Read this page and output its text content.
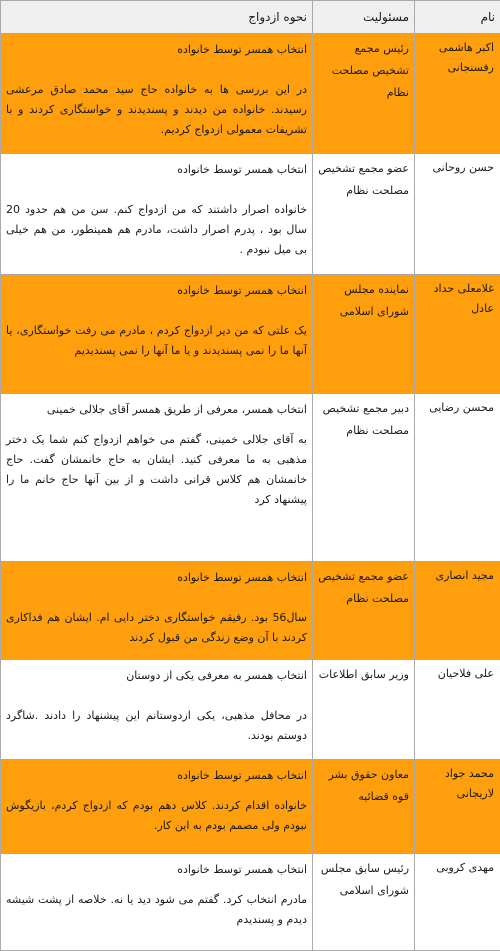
نام	مسئولیت	نحوه ازدواج
اکبر هاشمی رفسنجانی	رئیس مجمع تشخیص مصلحت نظام	انتخاب همسر توسط خانواده
در این بررسی ها به خانواده حاج سید محمد صادق مرعشی رسیدند. خانواده من دیدند و پسندیدند و خواستگاری کردند و با تشریفات معمولی ازدواج کردیم.

حسن روحانی	عضو مجمع تشخیص مصلحت نظام	انتخاب همسر توسط خانواده
خانواده اصرار داشتند که من ازدواج کنم. سن من هم حدود 20 سال بود ، پدرم اصرار داشت، مادرم هم همینطور، من هم خیلی بی میل نبودم .

غلامعلی حداد عادل	نماینده مجلس شورای اسلامی	انتخاب همسر توسط خانواده
یک علتی که من دیر ازدواج کردم ، مادرم می رفت خواستگاری، یا آنها ما را نمی پسندیدند و یا ما آنها را نمی پسندیدیم

محسن رضایی	دبیر مجمع تشخیص مصلحت نظام	انتخاب همسر، معرفی از طریق همسر آقای جلالی خمینی
به آقای جلالی خمینی، گفتم می خواهم ازدواج کنم شما یک دختر مذهبی به ما معرفی کنید. ایشان به حاج خانمشان گفت. حاج خانمشان هم کلاس قرانی داشت و از بین آنها حاج خانم ما را پیشنهاد کرد

مجید انصاری	عضو مجمع تشخیص مصلحت نظام	انتخاب همسر توسط خانواده
سال56 بود. رفیقم خواستگاری دختر دایی ام. ایشان هم فداکاری کردند با آن وضع زندگی من قبول کردند

علی فلاحیان	وزیر سابق اطلاعات	انتخاب همسر به معرفی یکی از دوستان
در محافل مذهبی، یکی ازدوستانم این پیشنهاد را دادند .شاگرد دوستم بودند.

محمد جواد لاریجانی	معاون حقوق بشر قوه قضائیه	انتخاب همسر توسط خانواده
خانواده اقدام کردند. کلاس دهم بودم که ازدواج کردم، بازیگوش نبودم ولی مصمم بودم به این کار.

مهدی کروبی	رئیس سابق مجلس شورای اسلامی	انتخاب همسر توسط خانواده
مادرم انتخاب کرد. گفتم می شود دید یا نه. خلاصه از پشت شیشه دیدم و پسندیدم
